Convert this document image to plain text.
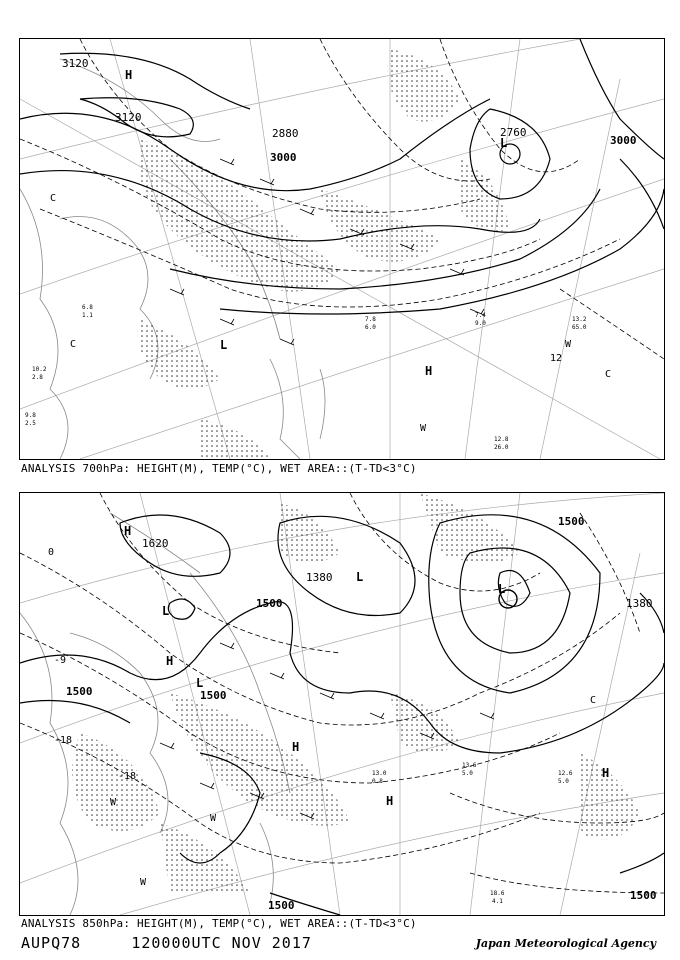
3120
3120
2880
3000
3000
2760
H
L
L
H
W
C
C
W
C
12.8
26.0
13.2
65.0
7.8
6.0
7.4
9.0
10.2
2.8
9.8
2.5
6.8
1.1
12
ANALYSIS 700hPa: HEIGHT(M), TEMP(°C), WET AREA::(T-TD<3°C)
1620
1380
1500
1500
1500
1500
1500
1380
1500
-18
-18
0
-9
H
L
L
H
L
H
H
H
L
W
W
W
C
18.6
4.1
13.6
5.0	12.6
5.0
13.0
0.8
ANALYSIS 850hPa: HEIGHT(M), TEMP(°C), WET AREA::(T-TD<3°C)
AUPQ78	120000UTC NOV 2017	Japan Meteorological Agency
